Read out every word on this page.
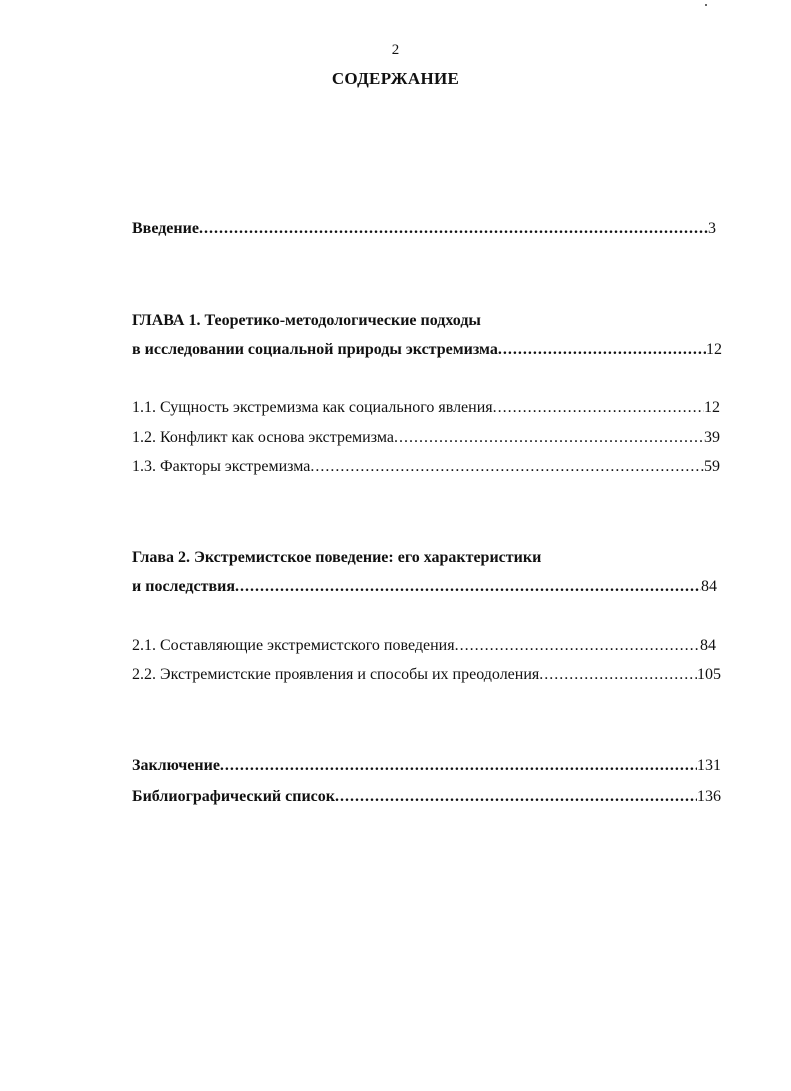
2
СОДЕРЖАНИЕ
Введение . . .	3
ГЛАВА 1. Теоретико-методологические подходы
в исследовании социальной природы экстремизма . . .	12
1.1. Сущность экстремизма как социального явления . . .	12
1.2. Конфликт как основа экстремизма . . .	39
1.3. Факторы экстремизма . . .	59
Глава 2. Экстремистское поведение: его характеристики
и последствия . . .	84
2.1. Составляющие экстремистского поведения . . .	84
2.2. Экстремистские проявления и способы их преодоления . . .	105
Заключение . . .	131
Библиографический список . . .	136
